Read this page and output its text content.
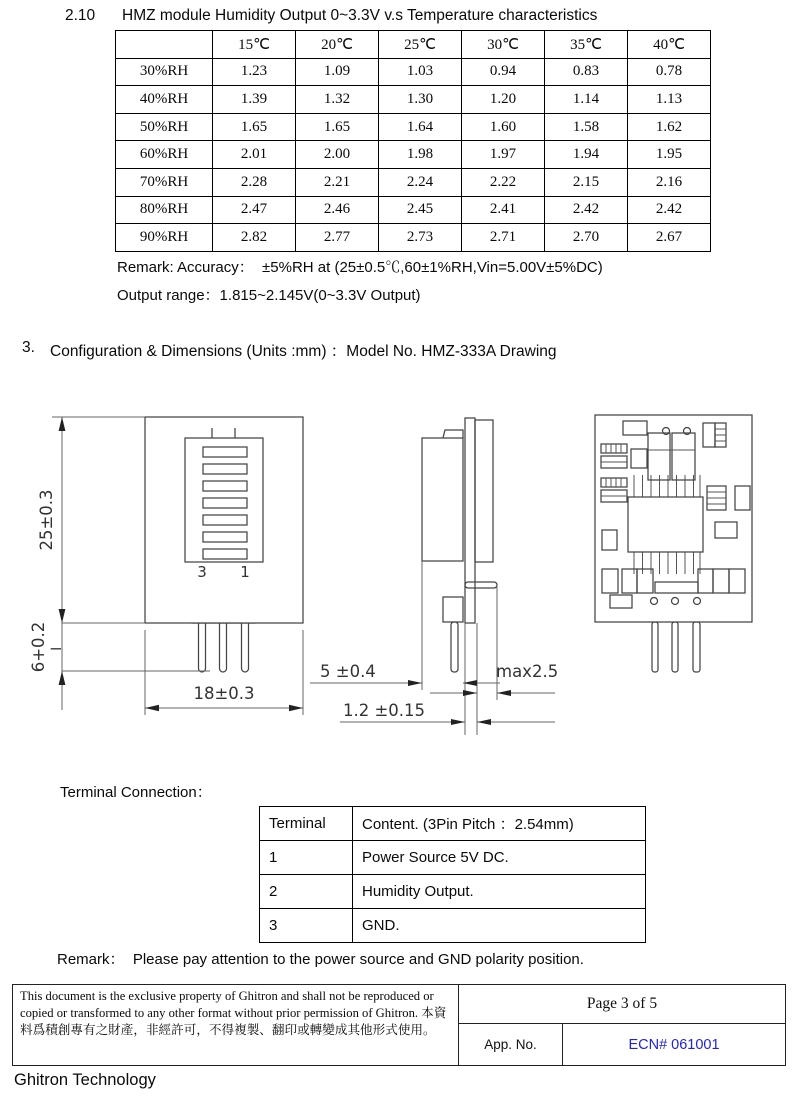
2.10	HMZ module Humidity Output 0~3.3V v.s Temperature characteristics
	15℃	20℃	25℃	30℃	35℃	40℃
30%RH	1.23	1.09	1.03	0.94	0.83	0.78
40%RH	1.39	1.32	1.30	1.20	1.14	1.13
50%RH	1.65	1.65	1.64	1.60	1.58	1.62
60%RH	2.01	2.00	1.98	1.97	1.94	1.95
70%RH	2.28	2.21	2.24	2.22	2.15	2.16
80%RH	2.47	2.46	2.45	2.41	2.42	2.42
90%RH	2.82	2.77	2.73	2.71	2.70	2.67
Remark: Accuracy：  ±5%RH at (25±0.5℃,60±1%RH,Vin=5.00V±5%DC)
Output range：1.815~2.145V(0~3.3V Output)
3. Configuration & Dimensions (Units :mm) ：Model No. HMZ-333A Drawing
3 1
25±0.3
6+0.2 −
18±0.3
5 ±0.4	max2.5
1.2 ±0.15
Terminal Connection：
Terminal	Content. (3Pin Pitch ：2.54mm)
1	Power Source 5V DC.
2	Humidity Output.
3	GND.
Remark：  Please pay attention to the power source and GND polarity position.
This document is the exclusive property of Ghitron and shall not be reproduced or copied or transformed to any other format without prior permission of Ghitron. 本資料爲積創專有之財產，非經許可，不得複製、翻印或轉變成其他形式使用。
Page 3 of 5
App. No.	ECN# 061001
Ghitron Technology
